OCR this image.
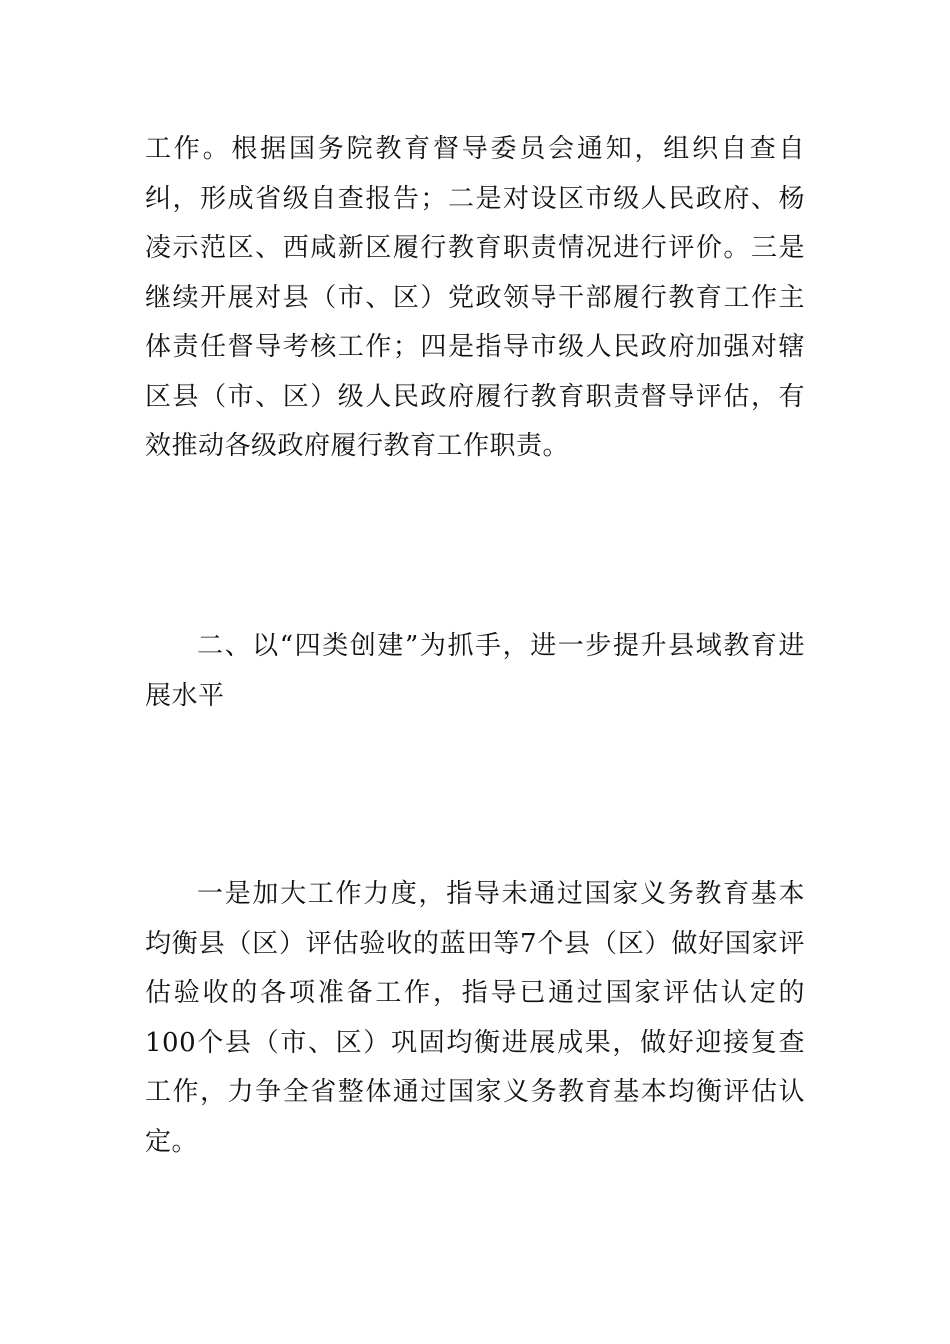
工作。根据国务院教育督导委员会通知，组织自查自纠，形成省级自查报告；二是对设区市级人民政府、杨凌示范区、西咸新区履行教育职责情况进行评价。三是继续开展对县（市、区）党政领导干部履行教育工作主体责任督导考核工作；四是指导市级人民政府加强对辖区县（市、区）级人民政府履行教育职责督导评估，有效推动各级政府履行教育工作职责。

二、以“四类创建”为抓手，进一步提升县域教育进展水平

一是加大工作力度，指导未通过国家义务教育基本均衡县（区）评估验收的蓝田等7个县（区）做好国家评估验收的各项准备工作，指导已通过国家评估认定的100个县（市、区）巩固均衡进展成果，做好迎接复查工作，力争全省整体通过国家义务教育基本均衡评估认定。
